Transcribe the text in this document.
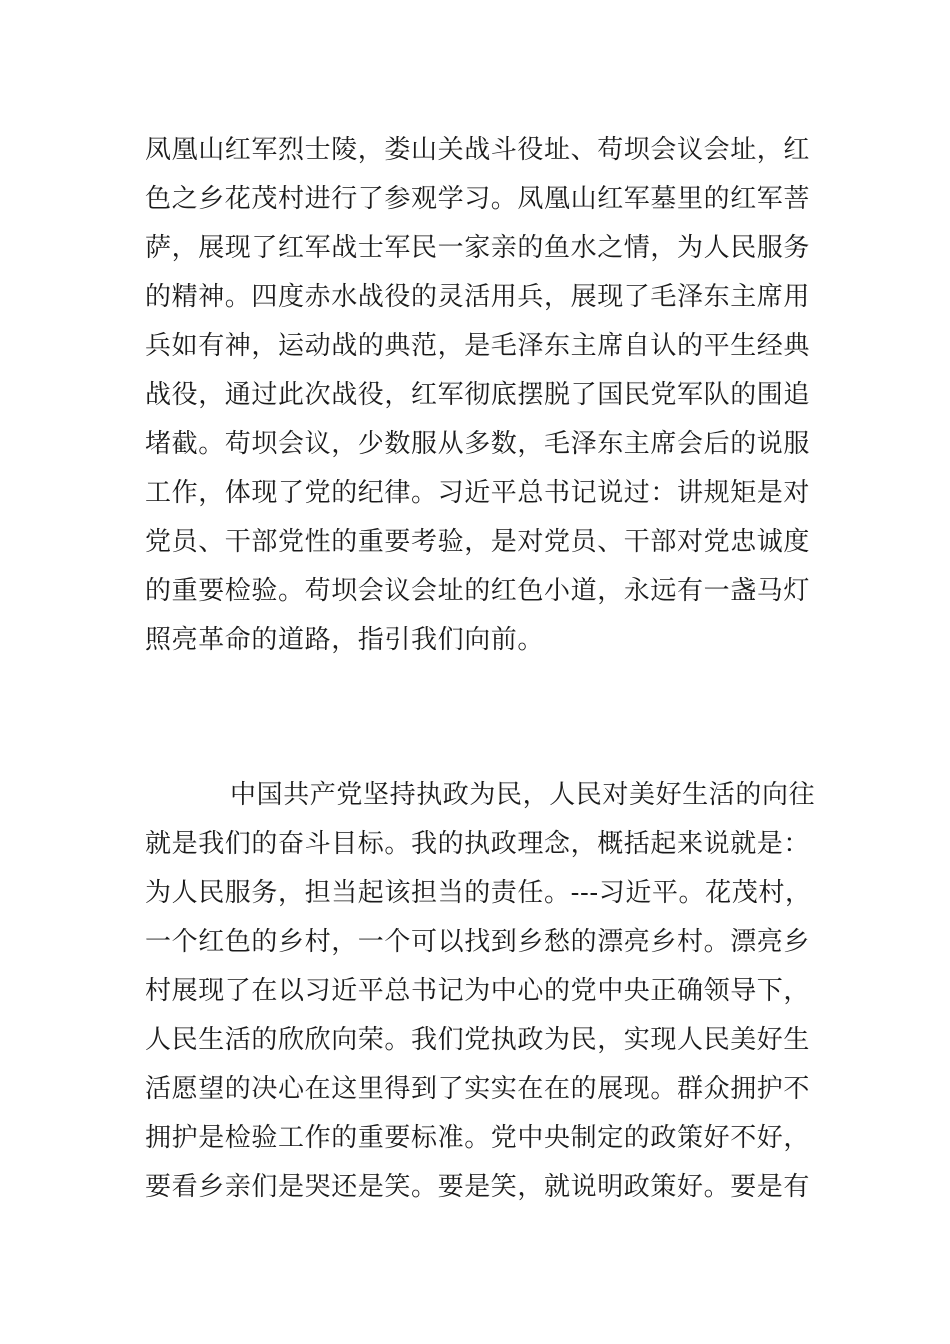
凤凰山红军烈士陵，娄山关战斗役址、苟坝会议会址，红
色之乡花茂村进行了参观学习。凤凰山红军墓里的红军菩
萨，展现了红军战士军民一家亲的鱼水之情，为人民服务
的精神。四度赤水战役的灵活用兵，展现了毛泽东主席用
兵如有神，运动战的典范，是毛泽东主席自认的平生经典
战役，通过此次战役，红军彻底摆脱了国民党军队的围追
堵截。苟坝会议，少数服从多数，毛泽东主席会后的说服
工作，体现了党的纪律。习近平总书记说过：讲规矩是对
党员、干部党性的重要考验，是对党员、干部对党忠诚度
的重要检验。苟坝会议会址的红色小道，永远有一盏马灯
照亮革命的道路，指引我们向前。
中国共产党坚持执政为民，人民对美好生活的向往
就是我们的奋斗目标。我的执政理念，概括起来说就是：
为人民服务，担当起该担当的责任。---习近平。花茂村，
一个红色的乡村，一个可以找到乡愁的漂亮乡村。漂亮乡
村展现了在以习近平总书记为中心的党中央正确领导下，
人民生活的欣欣向荣。我们党执政为民，实现人民美好生
活愿望的决心在这里得到了实实在在的展现。群众拥护不
拥护是检验工作的重要标准。党中央制定的政策好不好，
要看乡亲们是哭还是笑。要是笑，就说明政策好。要是有
